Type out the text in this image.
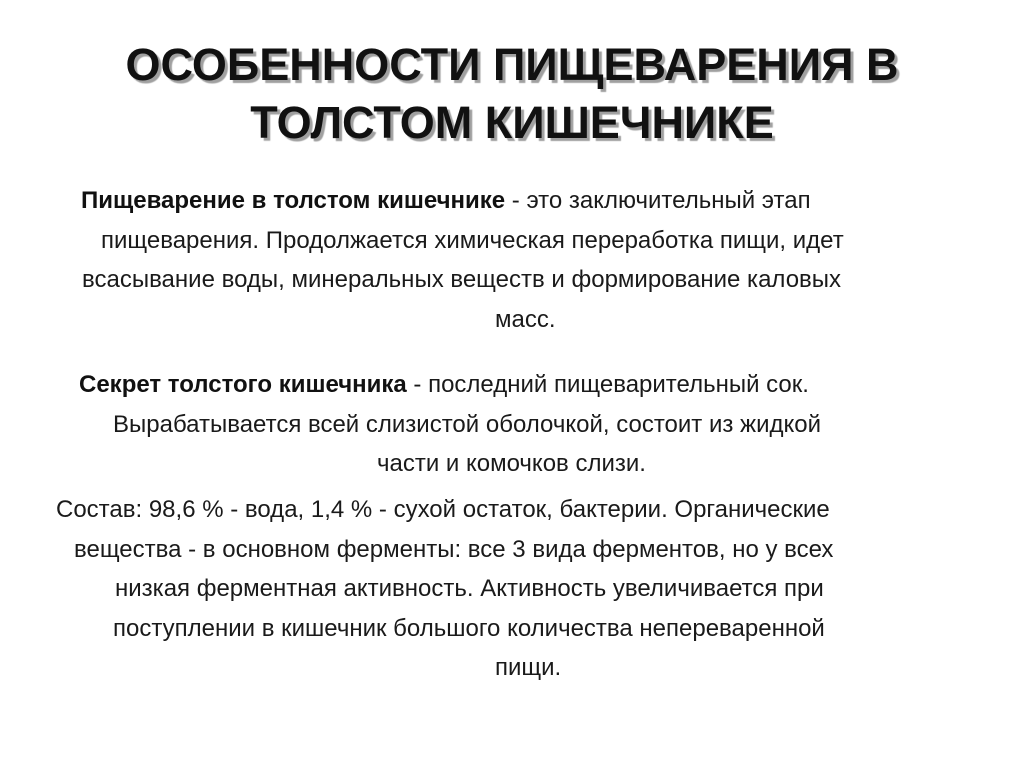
ОСОБЕННОСТИ ПИЩЕВАРЕНИЯ В
ТОЛСТОМ КИШЕЧНИКЕ
Пищеварение в толстом кишечнике - это заключительный этап
пищеварения. Продолжается химическая переработка пищи, идет
всасывание воды, минеральных веществ и формирование каловых
масс.
Секрет толстого кишечника - последний пищеварительный сок.
Вырабатывается всей слизистой оболочкой, состоит из жидкой
части и комочков слизи.
Состав: 98,6 % - вода, 1,4 % - сухой остаток, бактерии. Органические
вещества - в основном ферменты: все 3 вида ферментов, но у всех
низкая ферментная активность. Активность увеличивается при
поступлении в кишечник большого количества непереваренной
пищи.
